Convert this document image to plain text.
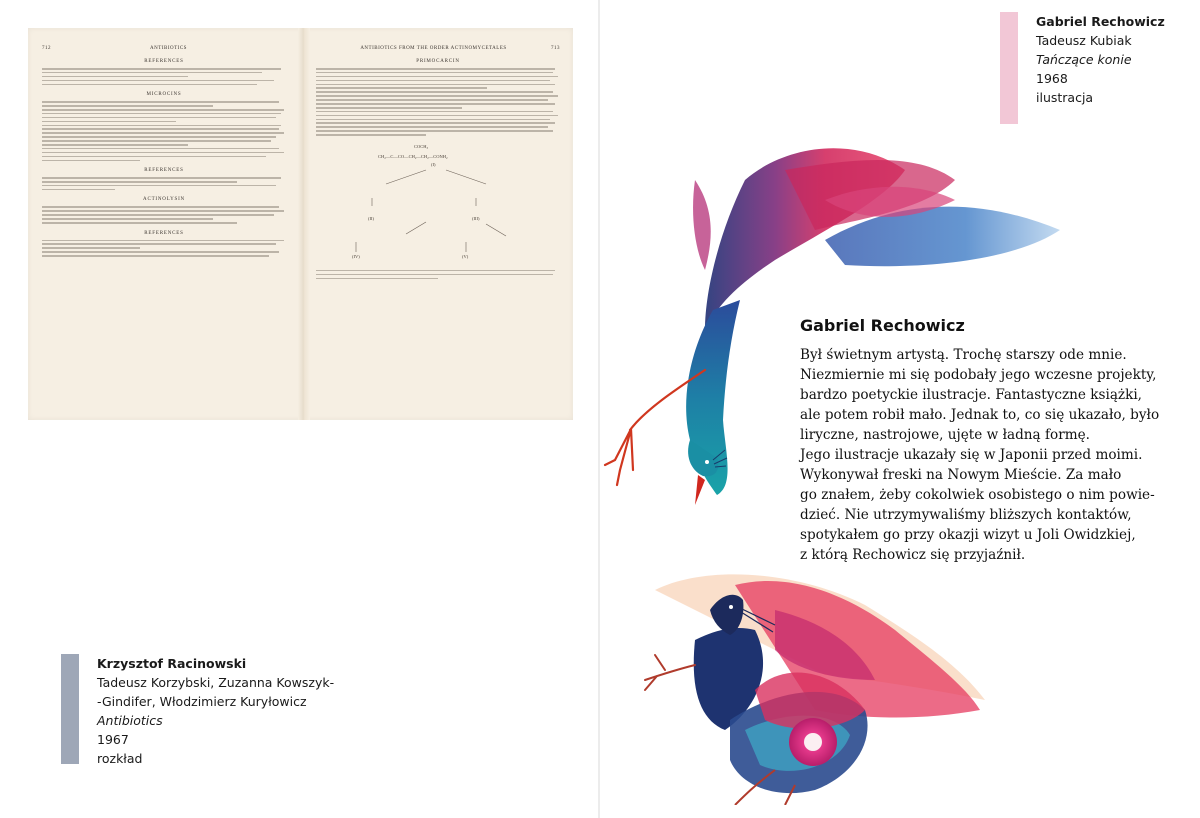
712	ANTIBIOTICS
REFERENCES
MICROCINS
REFERENCES
ACTINOLYSIN
REFERENCES
ANTIBIOTICS FROM THE ORDER ACTINOMYCETALES	713
PRIMOCARCIN
COCH₃
CH₂—C—CO—CH₂—CH₂—CONH₂
(I)
(II)	(III)
(IV)	(V)
Krzysztof Racinowski
Tadeusz Korzybski, Zuzanna Kowszyk-
-Gindifer, Włodzimierz Kuryłowicz
Antibiotics
1967
rozkład
Gabriel Rechowicz
Tadeusz Kubiak
Tańczące konie
1968
ilustracja
Gabriel Rechowicz
Był świetnym artystą. Trochę starszy ode mnie.
Niezmiernie mi się podobały jego wczesne projekty,
bardzo poetyckie ilustracje. Fantastyczne książki,
ale potem robił mało. Jednak to, co się ukazało, było
liryczne, nastrojowe, ujęte w ładną formę.
Jego ilustracje ukazały się w Japonii przed moimi.
Wykonywał freski na Nowym Mieście. Za mało
go znałem, żeby cokolwiek osobistego o nim powie-
dzieć. Nie utrzymywaliśmy bliższych kontaktów,
spotykałem go przy okazji wizyt u Joli Owidzkiej,
z którą Rechowicz się przyjaźnił.
